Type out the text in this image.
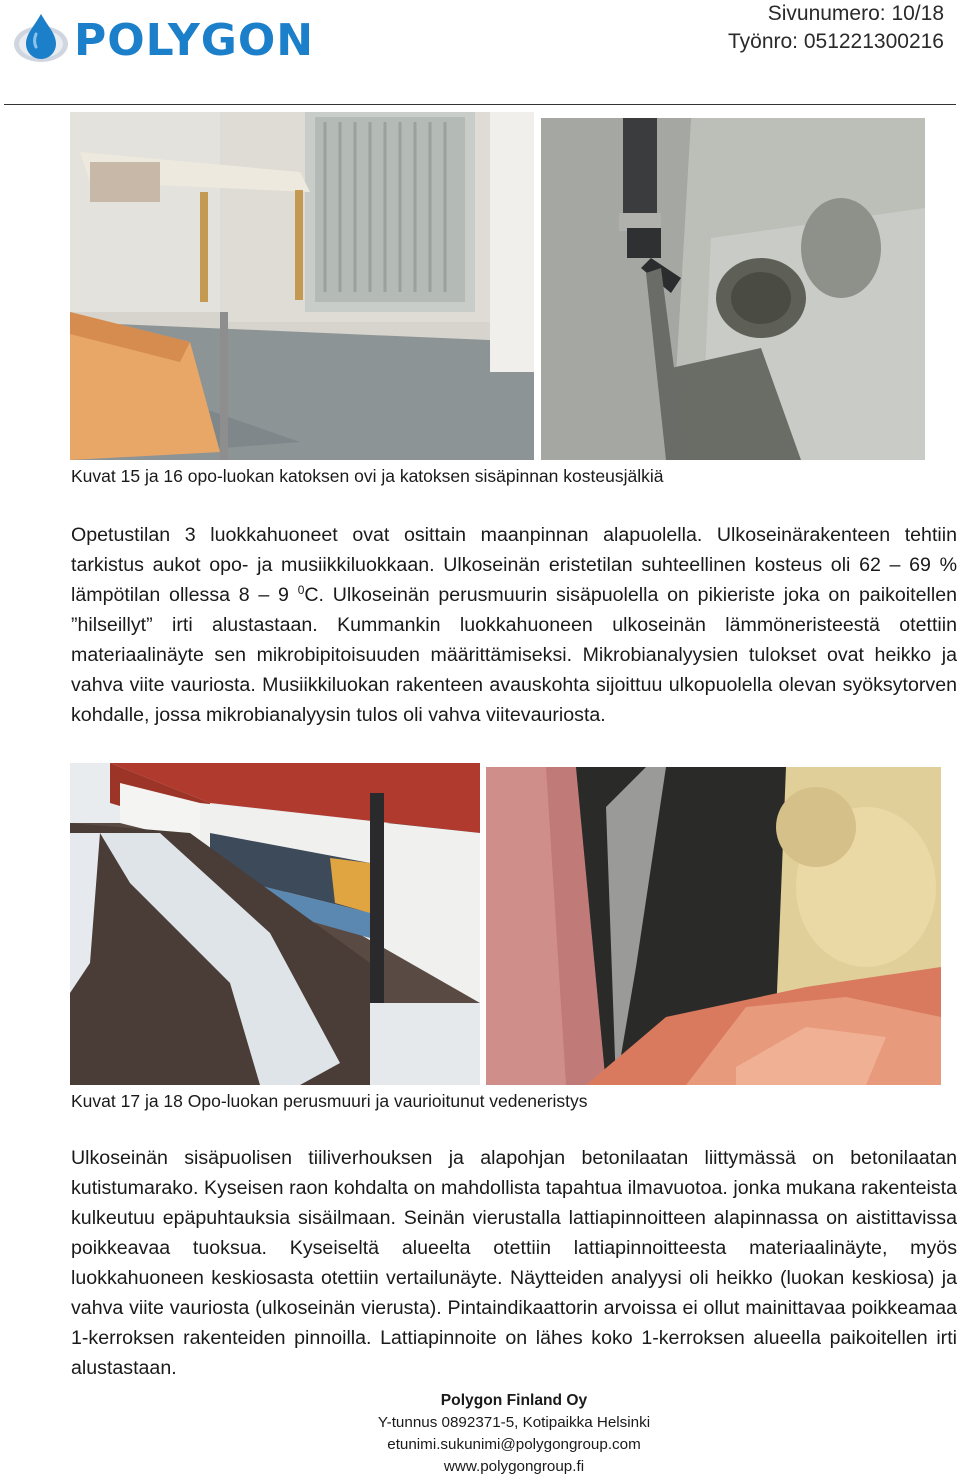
POLYGON
Sivunumero: 10/18
Työnro: 051221300216
Kuvat 15 ja 16 opo-luokan katoksen ovi ja katoksen sisäpinnan kosteusjälkiä

Opetustilan 3 luokkahuoneet ovat osittain maanpinnan alapuolella. Ulkoseinärakenteen tehtiin tarkistus aukot opo- ja musiikkiluokkaan. Ulkoseinän eristetilan suhteellinen kosteus oli 62 – 69 % lämpötilan ollessa 8 – 9 $^0$C. Ulkoseinän perusmuurin sisäpuolella on pikieriste joka on paikoitellen ”hilseillyt” irti alustastaan. Kummankin luokkahuoneen ulkoseinän lämmöneristeestä otettiin materiaalinäyte sen mikrobipitoisuuden määrittämiseksi. Mikrobianalyysien tulokset ovat heikko ja vahva viite vauriosta. Musiikkiluokan rakenteen avauskohta sijoittuu ulkopuolella olevan syöksytorven kohdalle, jossa mikrobianalyysin tulos oli vahva viitevauriosta.

Kuvat 17 ja 18 Opo-luokan perusmuuri ja vaurioitunut vedeneristys

Ulkoseinän sisäpuolisen tiiliverhouksen ja alapohjan betonilaatan liittymässä on betonilaatan kutistumarako. Kyseisen raon kohdalta on mahdollista tapahtua ilmavuotoa. jonka mukana rakenteista kulkeutuu epäpuhtauksia sisäilmaan. Seinän vierustalla lattiapinnoitteen alapinnassa on aistittavissa poikkeavaa tuoksua. Kyseiseltä alueelta otettiin lattiapinnoitteesta materiaalinäyte, myös luokkahuoneen keskiosasta otettiin vertailunäyte. Näytteiden analyysi oli heikko (luokan keskiosa) ja vahva viite vauriosta (ulkoseinän vierusta). Pintaindikaattorin arvoissa ei ollut mainittavaa poikkeamaa 1-kerroksen rakenteiden pinnoilla. Lattiapinnoite on lähes koko 1-kerroksen alueella paikoitellen irti alustastaan.

Polygon Finland Oy
Y-tunnus 0892371-5, Kotipaikka Helsinki
etunimi.sukunimi@polygongroup.com
www.polygongroup.fi
